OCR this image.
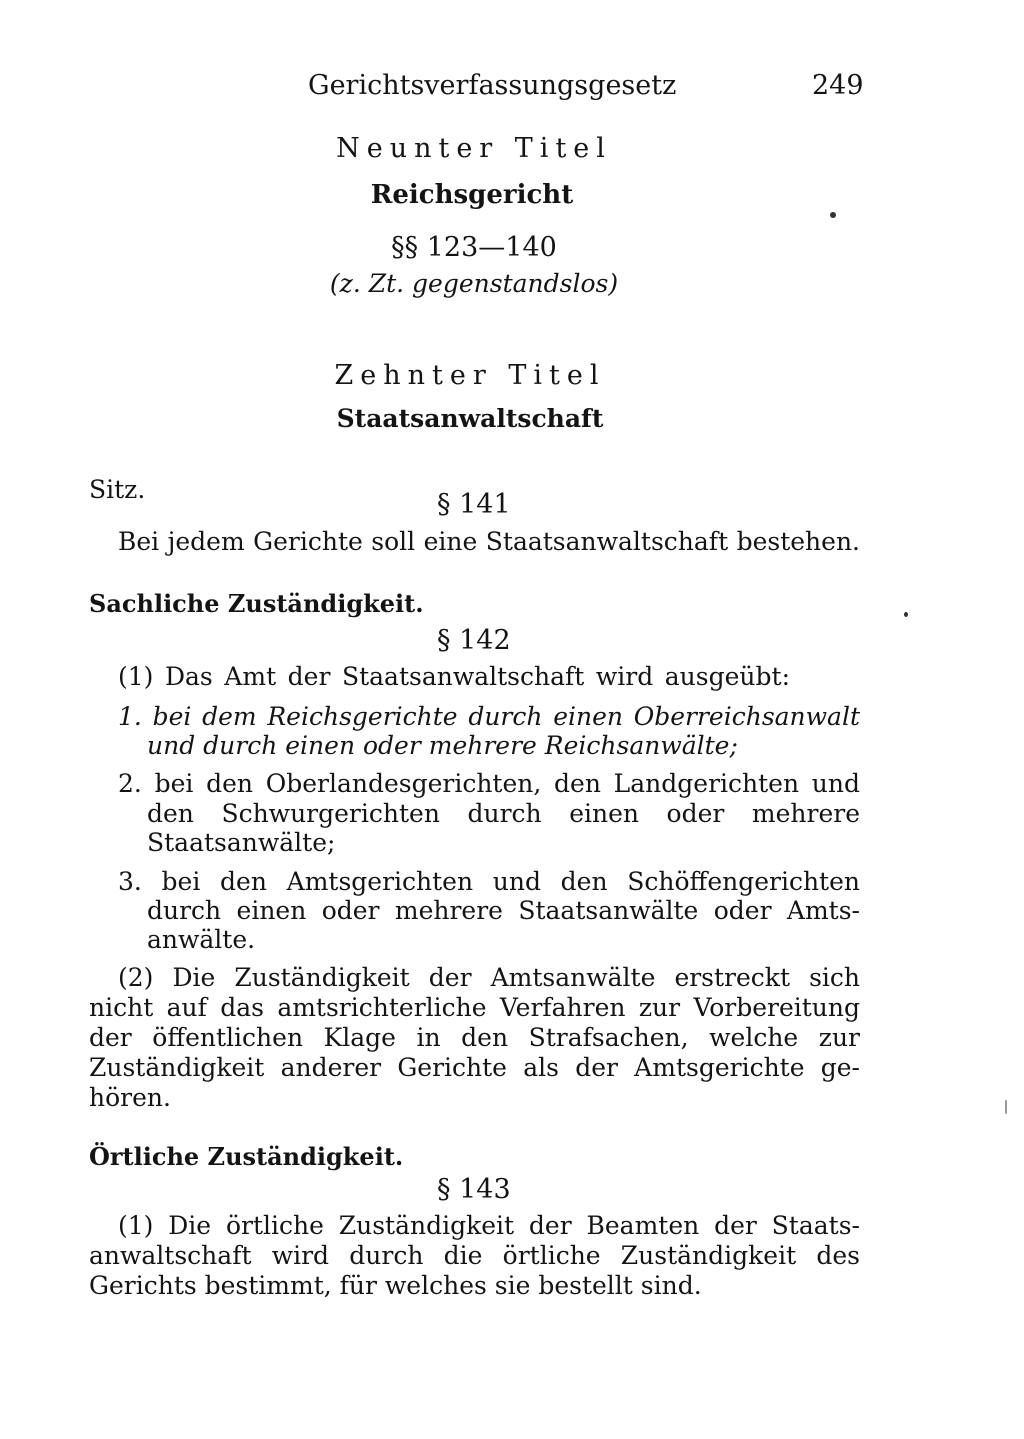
Gerichtsverfassungsgesetz	249
Neunter Titel
Reichsgericht
§§ 123—140
(z. Zt. gegenstandslos)
Zehnter Titel
Staatsanwaltschaft
Sitz.	§ 141
Bei jedem Gerichte soll eine Staatsanwaltschaft bestehen.
Sachliche Zuständigkeit.
§ 142
(1) Das Amt der Staatsanwaltschaft wird ausgeübt:
1. bei dem Reichsgerichte durch einen Oberreichsanwalt
und durch einen oder mehrere Reichsanwälte;
2. bei den Oberlandesgerichten, den Landgerichten und
den Schwurgerichten durch einen oder mehrere
Staatsanwälte;
3. bei den Amtsgerichten und den Schöffengerichten
durch einen oder mehrere Staatsanwälte oder Amts-
anwälte.
(2) Die Zuständigkeit der Amtsanwälte erstreckt sich
nicht auf das amtsrichterliche Verfahren zur Vorbereitung
der öffentlichen Klage in den Strafsachen, welche zur
Zuständigkeit anderer Gerichte als der Amtsgerichte ge-
hören.
Örtliche Zuständigkeit.
§ 143
(1) Die örtliche Zuständigkeit der Beamten der Staats-
anwaltschaft wird durch die örtliche Zuständigkeit des
Gerichts bestimmt, für welches sie bestellt sind.
